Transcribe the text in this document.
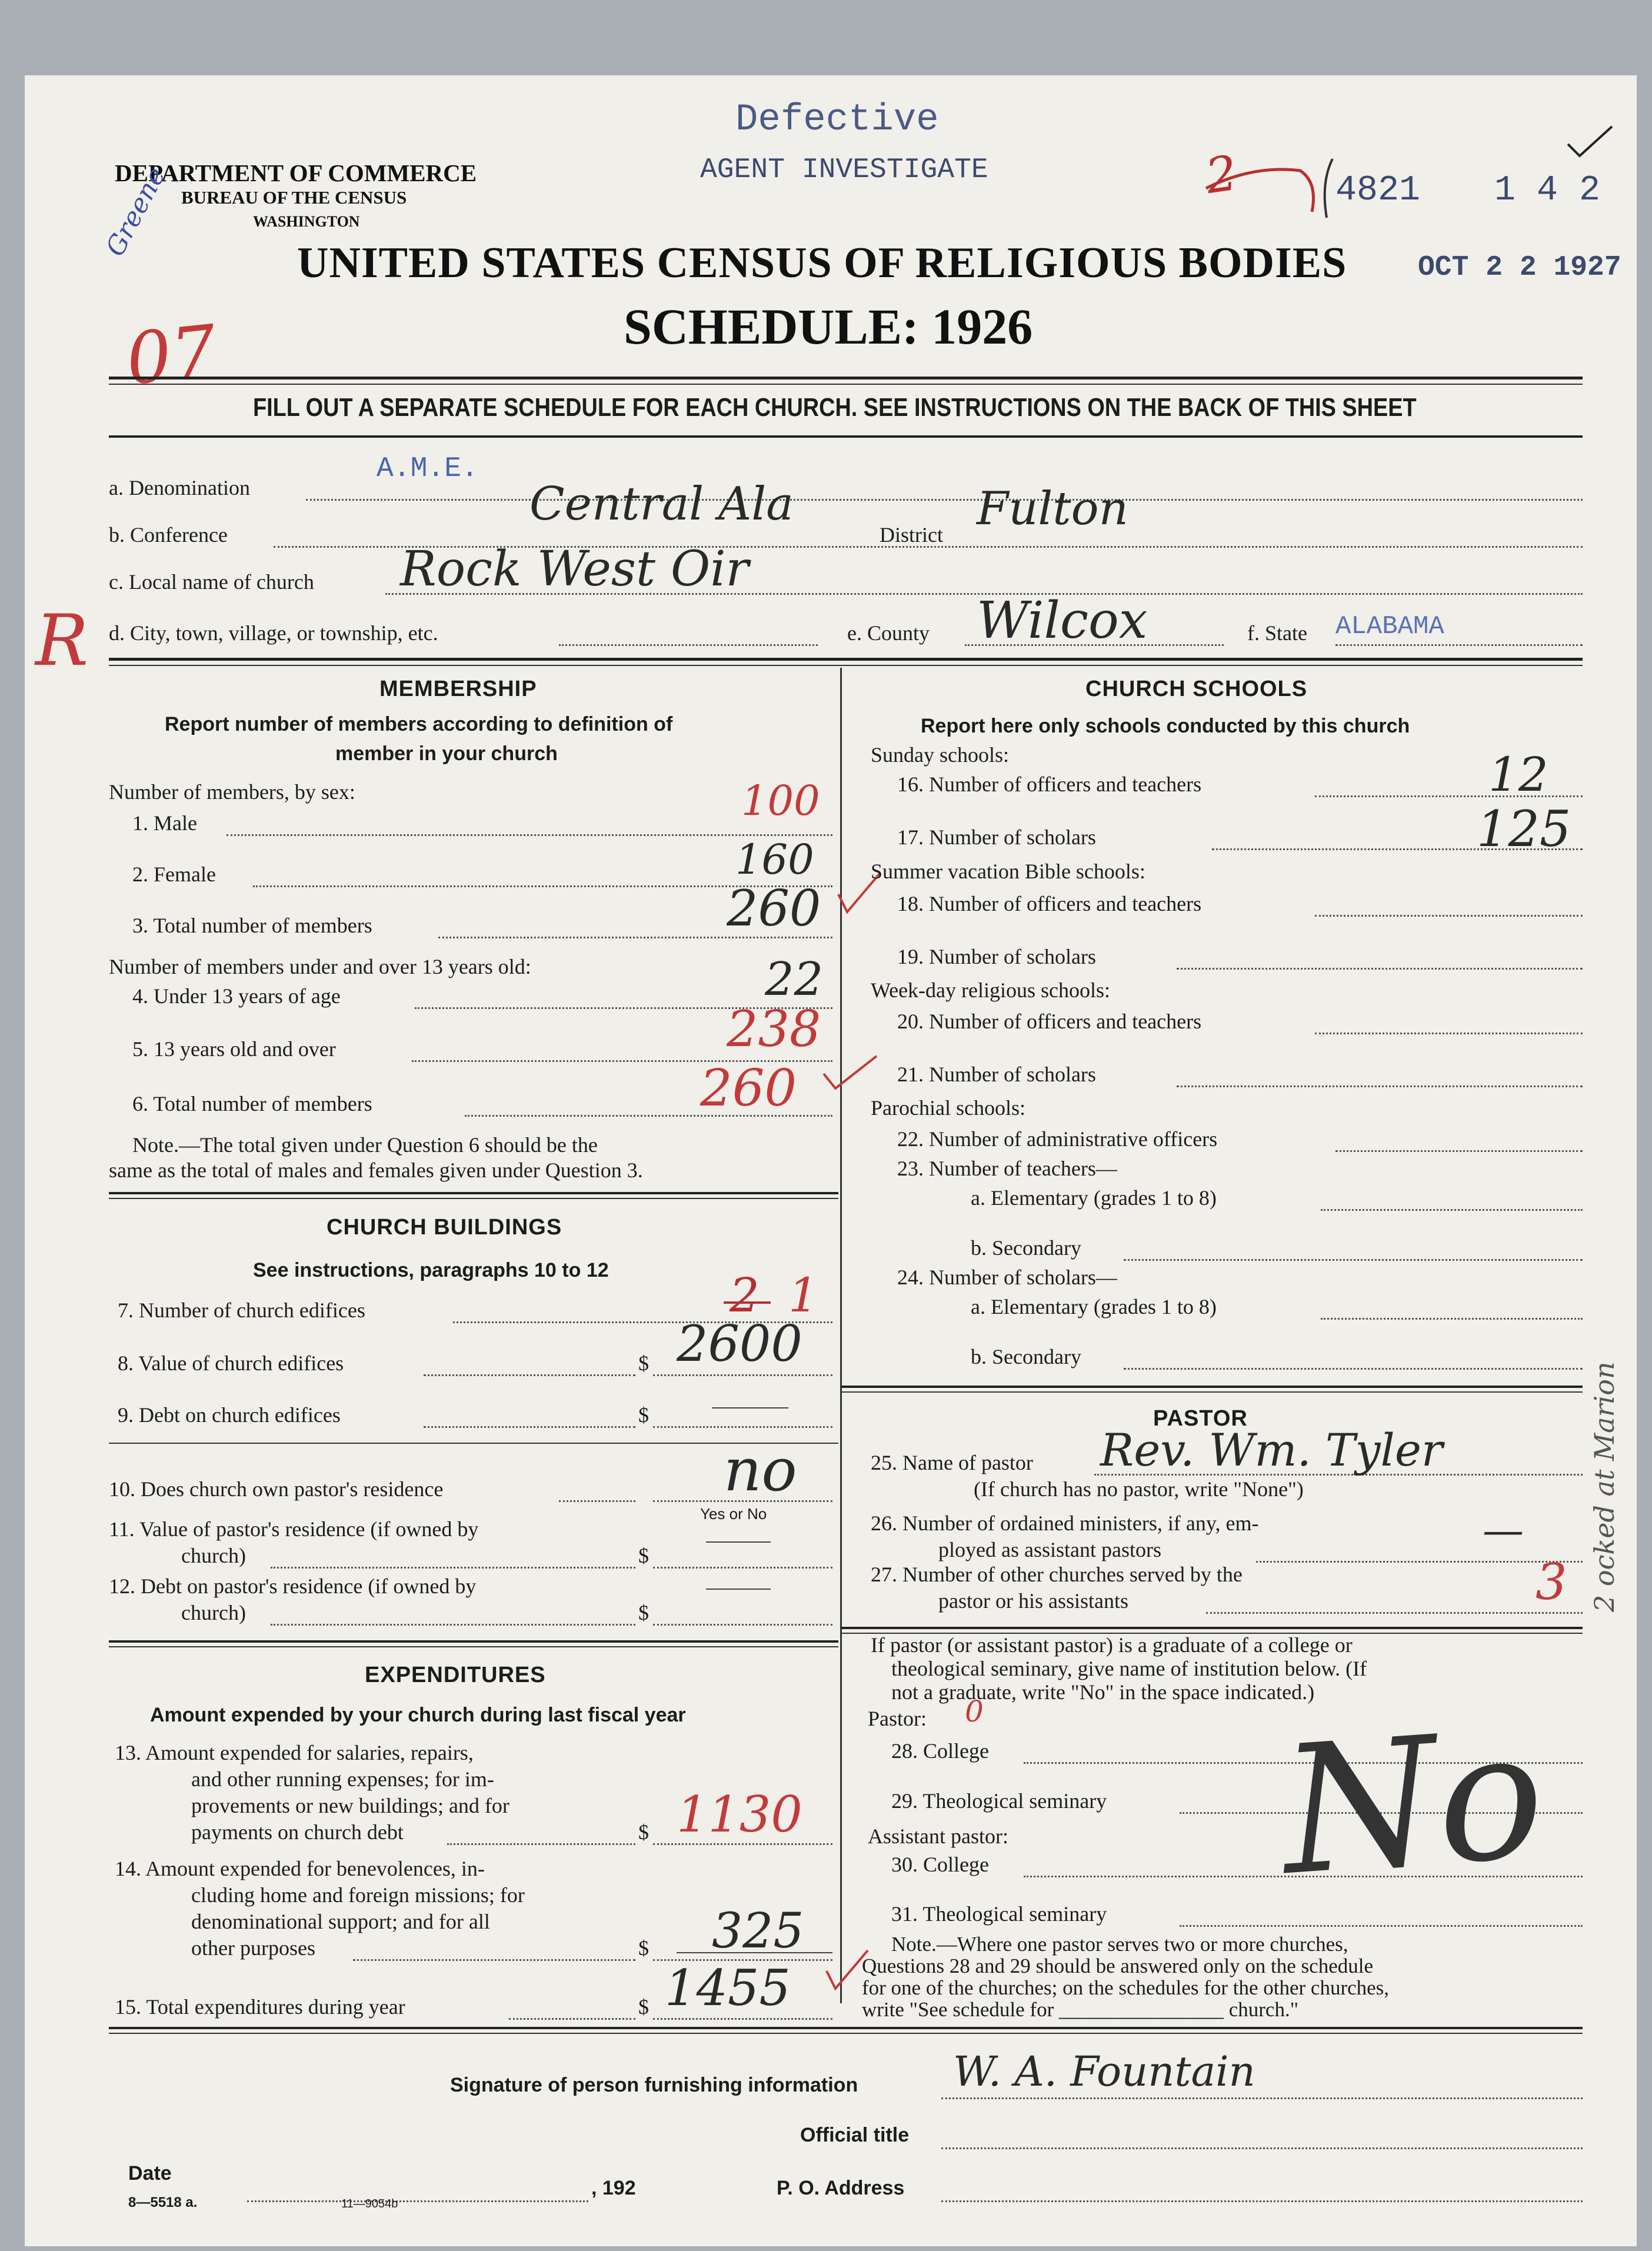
DEPARTMENT OF COMMERCE
BUREAU OF THE CENSUS
WASHINGTON
Defective
AGENT INVESTIGATE	2	4821 1 4 2
Greene
07
UNITED STATES CENSUS OF RELIGIOUS BODIES	OCT 2 2 1927
SCHEDULE: 1926
FILL OUT A SEPARATE SCHEDULE FOR EACH CHURCH. SEE INSTRUCTIONS ON THE BACK OF THIS SHEET
a. Denomination
A.M.E.
b. Conference
Central Ala
District Fulton
c. Local name of church Rock West Oir
R d. City, town, village, or township, etc.	e. County Wilcox	f. State ALABAMA
MEMBERSHIP
Report number of members according to definition of
member in your church
Number of members, by sex:
1. Male	100
2. Female	160
3. Total number of members	260
Number of members under and over 13 years old:
4. Under 13 years of age	22
5. 13 years old and over	238
6. Total number of members	260
Note.—The total given under Question 6 should be the
same as the total of males and females given under Question 3.
CHURCH BUILDINGS
See instructions, paragraphs 10 to 12
7. Number of church edifices	2 1
8. Value of church edifices	$ 2600
9. Debt on church edifices	$
10. Does church own pastor's residence	no
Yes or No
11. Value of pastor's residence (if owned by
church)	$
12. Debt on pastor's residence (if owned by
church)	$
EXPENDITURES
Amount expended by your church during last fiscal year
13. Amount expended for salaries, repairs,
and other running expenses; for im-
provements or new buildings; and for
payments on church debt	$ 1130
14. Amount expended for benevolences, in-
cluding home and foreign missions; for
denominational support; and for all
other purposes	$ 325
15. Total expenditures during year	$ 1455
CHURCH SCHOOLS
Report here only schools conducted by this church
Sunday schools:
16. Number of officers and teachers	12
17. Number of scholars	125
Summer vacation Bible schools:
18. Number of officers and teachers
19. Number of scholars
Week-day religious schools:
20. Number of officers and teachers
21. Number of scholars
Parochial schools:
22. Number of administrative officers
23. Number of teachers—
a. Elementary (grades 1 to 8)
b. Secondary
24. Number of scholars—
a. Elementary (grades 1 to 8)
b. Secondary
PASTOR
25. Name of pastor Rev. Wm. Tyler
(If church has no pastor, write "None")
26. Number of ordained ministers, if any, em-
ployed as assistant pastors	—
27. Number of other churches served by the
pastor or his assistants	3
If pastor (or assistant pastor) is a graduate of a college or
theological seminary, give name of institution below. (If
not a graduate, write "No" in the space indicated.)
Pastor: 0
28. College
29. Theological seminary
Assistant pastor:
30. College
31. Theological seminary No
Note.—Where one pastor serves two or more churches,
Questions 28 and 29 should be answered only on the schedule
for one of the churches; on the schedules for the other churches,
write "See schedule for ________________ church."
2 ocked at Marion
Signature of person furnishing information W. A. Fountain
Official title
Date
, 192	P. O. Address
8—5518 a.	11—9054b
